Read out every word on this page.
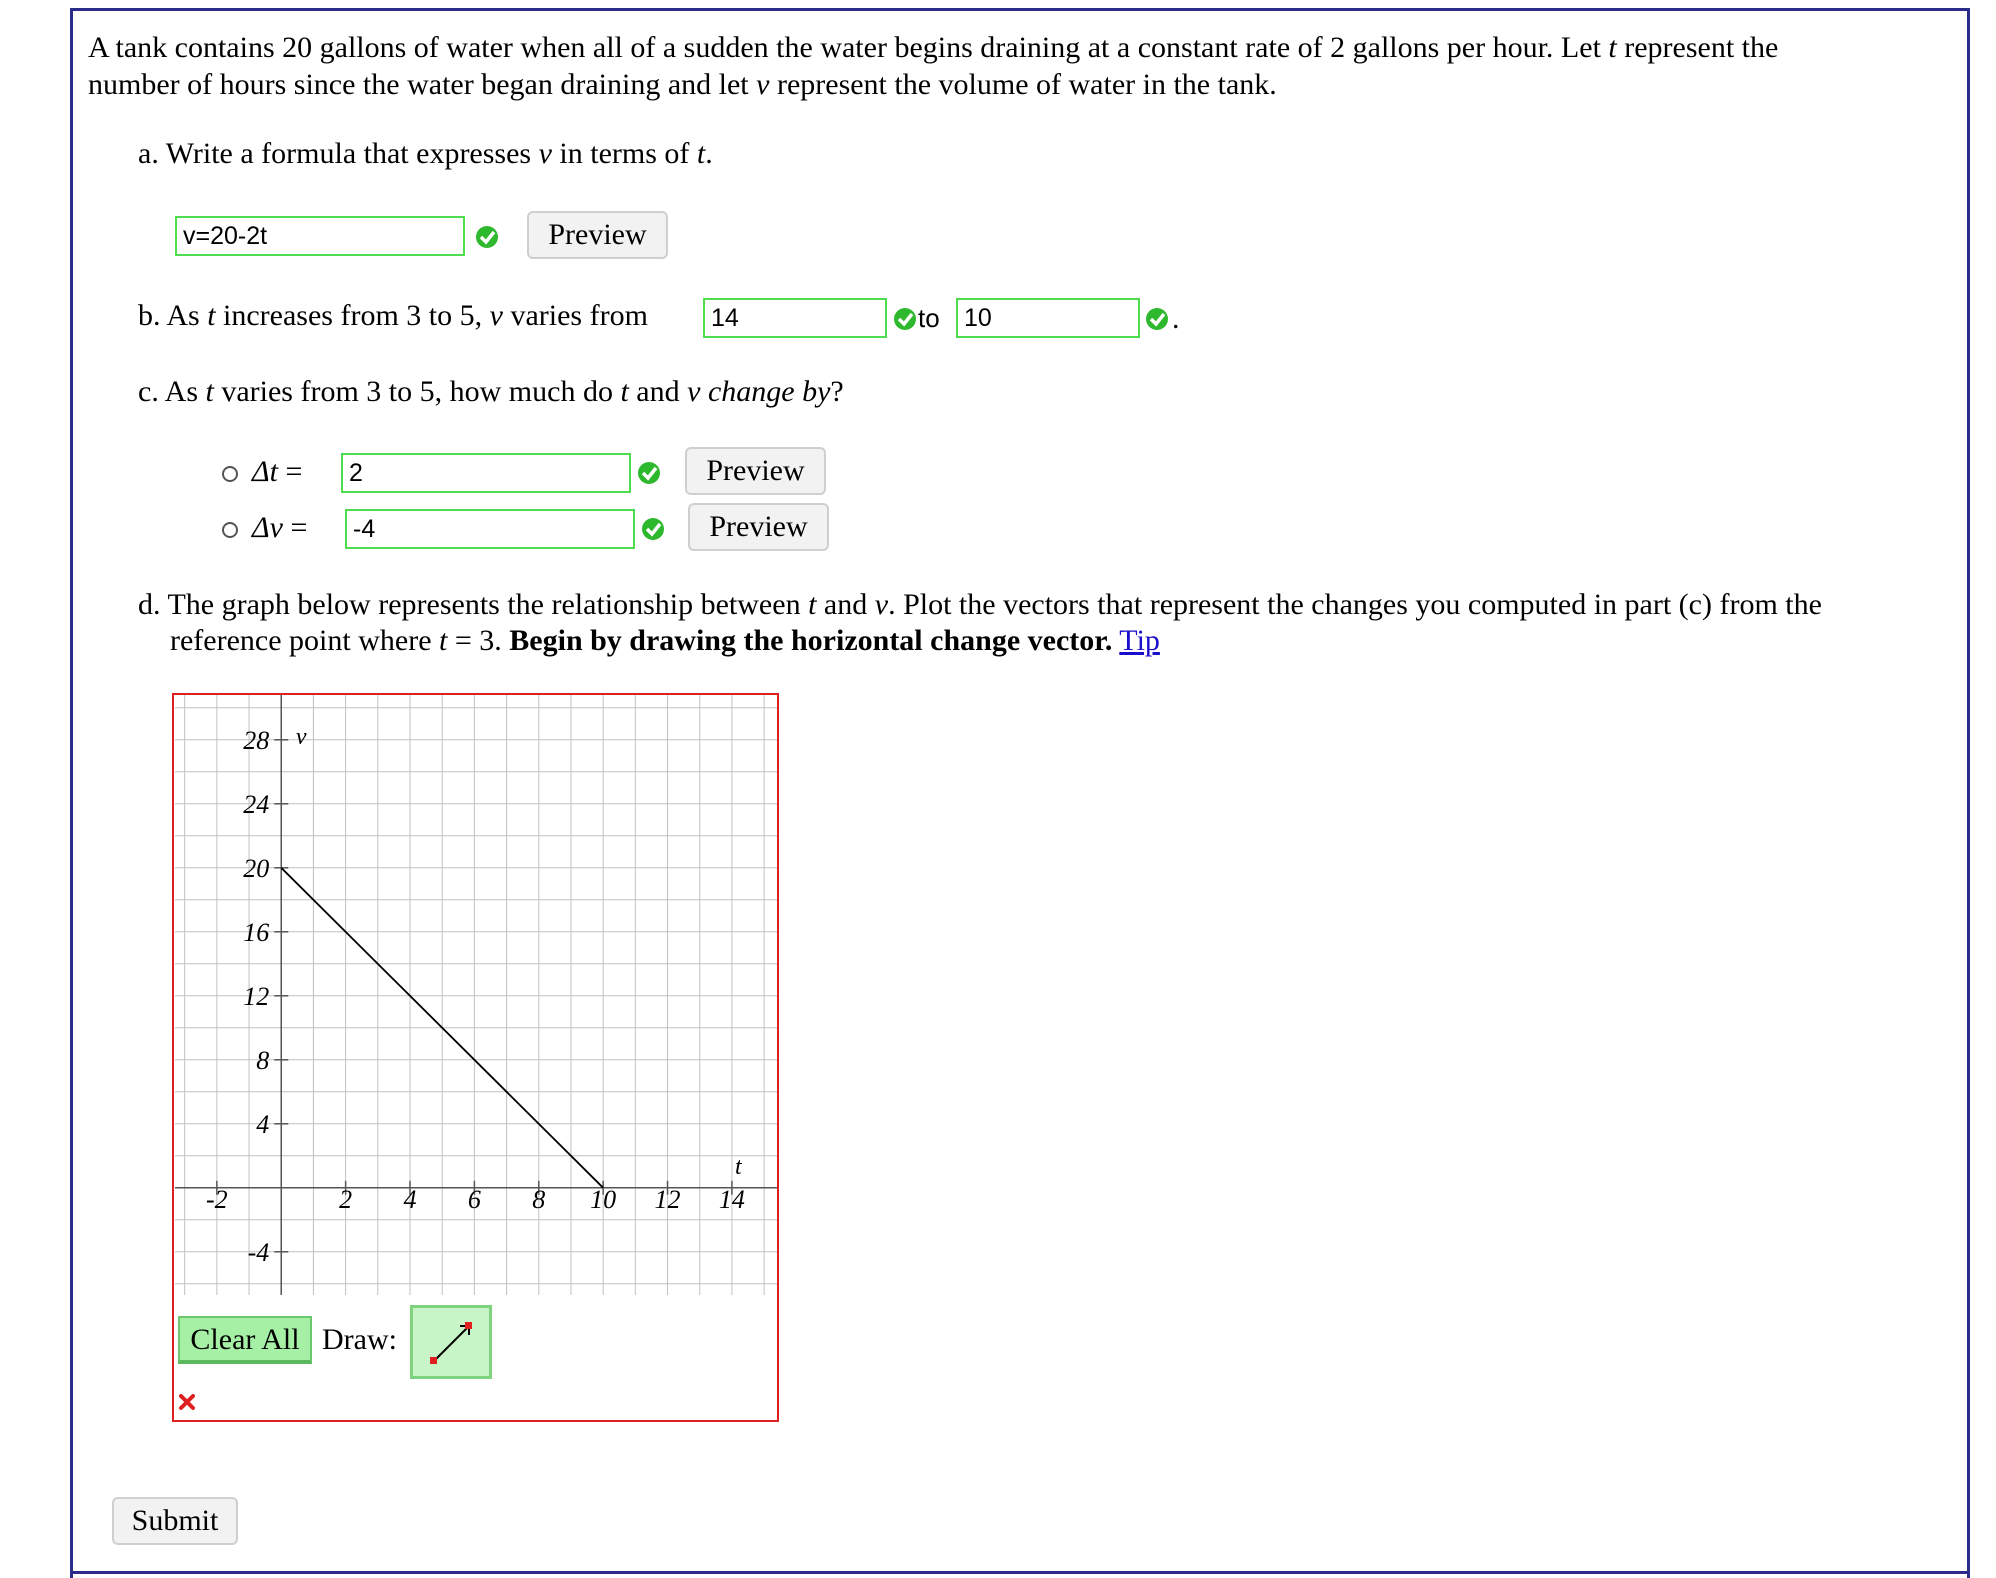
A tank contains 20 gallons of water when all of a sudden the water begins draining at a constant rate of 2 gallons per hour. Let t represent the
number of hours since the water began draining and let v represent the volume of water in the tank.
a. Write a formula that expresses v in terms of t.
v=20-2t	Preview
b. As t increases from 3 to 5, v varies from	14	to 10	.
c. As t varies from 3 to 5, how much do t and v change by?
Δt =	2	Preview
Δv =	-4	Preview
d. The graph below represents the relationship between t and v. Plot the vectors that represent the changes you computed in part (c) from the
reference point where t = 3. Begin by drawing the horizontal change vector. Tip
-2	2 4 6 8 10 12 14
-4
4
8
12
16
20
24
28
t
v
Clear All Draw:
Submit
